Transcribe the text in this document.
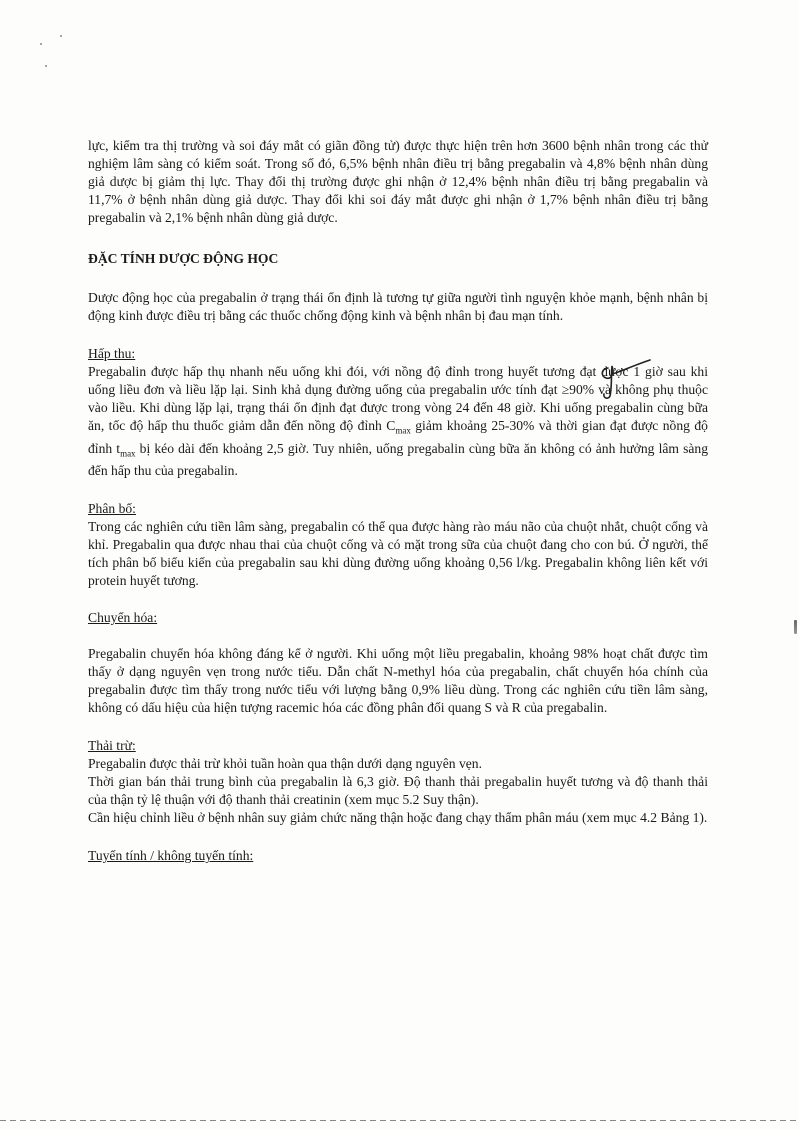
lực, kiểm tra thị trường và soi đáy mắt có giãn đồng tử) được thực hiện trên hơn 3600 bệnh nhân trong các thử nghiệm lâm sàng có kiểm soát. Trong số đó, 6,5% bệnh nhân điều trị bằng pregabalin và 4,8% bệnh nhân dùng giả dược bị giảm thị lực. Thay đổi thị trường được ghi nhận ở 12,4% bệnh nhân điều trị bằng pregabalin và 11,7% ở bệnh nhân dùng giả dược. Thay đổi khi soi đáy mắt được ghi nhận ở 1,7% bệnh nhân điều trị bằng pregabalin và 2,1% bệnh nhân dùng giả dược.

ĐẶC TÍNH DƯỢC ĐỘNG HỌC

Dược động học của pregabalin ở trạng thái ổn định là tương tự giữa người tình nguyện khỏe mạnh, bệnh nhân bị động kinh được điều trị bằng các thuốc chống động kinh và bệnh nhân bị đau mạn tính.

Hấp thu:

Pregabalin được hấp thụ nhanh nếu uống khi đói, với nồng độ đỉnh trong huyết tương đạt được 1 giờ sau khi uống liều đơn và liều lặp lại. Sinh khả dụng đường uống của pregabalin ước tính đạt ≥90% và không phụ thuộc vào liều. Khi dùng lặp lại, trạng thái ổn định đạt được trong vòng 24 đến 48 giờ. Khi uống pregabalin cùng bữa ăn, tốc độ hấp thu thuốc giảm dẫn đến nồng độ đỉnh $C_{max}$ giảm khoảng 25-30% và thời gian đạt được nồng độ đỉnh $t_{max}$ bị kéo dài đến khoảng 2,5 giờ. Tuy nhiên, uống pregabalin cùng bữa ăn không có ảnh hưởng lâm sàng đến hấp thu của pregabalin.

Phân bố:

Trong các nghiên cứu tiền lâm sàng, pregabalin có thể qua được hàng rào máu não của chuột nhắt, chuột cống và khỉ. Pregabalin qua được nhau thai của chuột cống và có mặt trong sữa của chuột đang cho con bú. Ở người, thể tích phân bố biểu kiến của pregabalin sau khi dùng đường uống khoảng 0,56 l/kg. Pregabalin không liên kết với protein huyết tương.

Chuyển hóa:

Pregabalin chuyển hóa không đáng kể ở người. Khi uống một liều pregabalin, khoảng 98% hoạt chất được tìm thấy ở dạng nguyên vẹn trong nước tiểu. Dẫn chất N-methyl hóa của pregabalin, chất chuyển hóa chính của pregabalin được tìm thấy trong nước tiểu với lượng bằng 0,9% liều dùng. Trong các nghiên cứu tiền lâm sàng, không có dấu hiệu của hiện tượng racemic hóa các đồng phân đối quang S và R của pregabalin.

Thải trừ:

Pregabalin được thải trừ khỏi tuần hoàn qua thận dưới dạng nguyên vẹn.

Thời gian bán thải trung bình của pregabalin là 6,3 giờ. Độ thanh thải pregabalin huyết tương và độ thanh thải của thận tỷ lệ thuận với độ thanh thải creatinin (xem mục 5.2 Suy thận).

Cần hiệu chỉnh liều ở bệnh nhân suy giảm chức năng thận hoặc đang chạy thẩm phân máu (xem mục 4.2 Bảng 1).

Tuyến tính / không tuyến tính:
